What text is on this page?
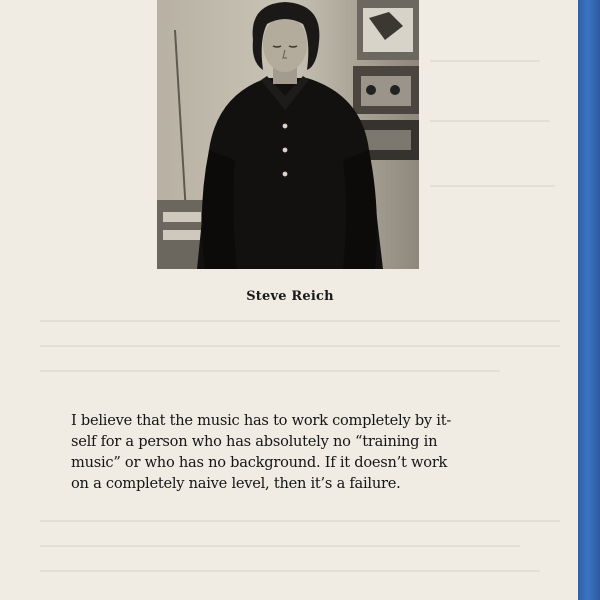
Steve Reich
I believe that the music has to work completely by it-
self for a person who has absolutely no “training in
music” or who has no background. If it doesn’t work
on a completely naive level, then it’s a failure.
